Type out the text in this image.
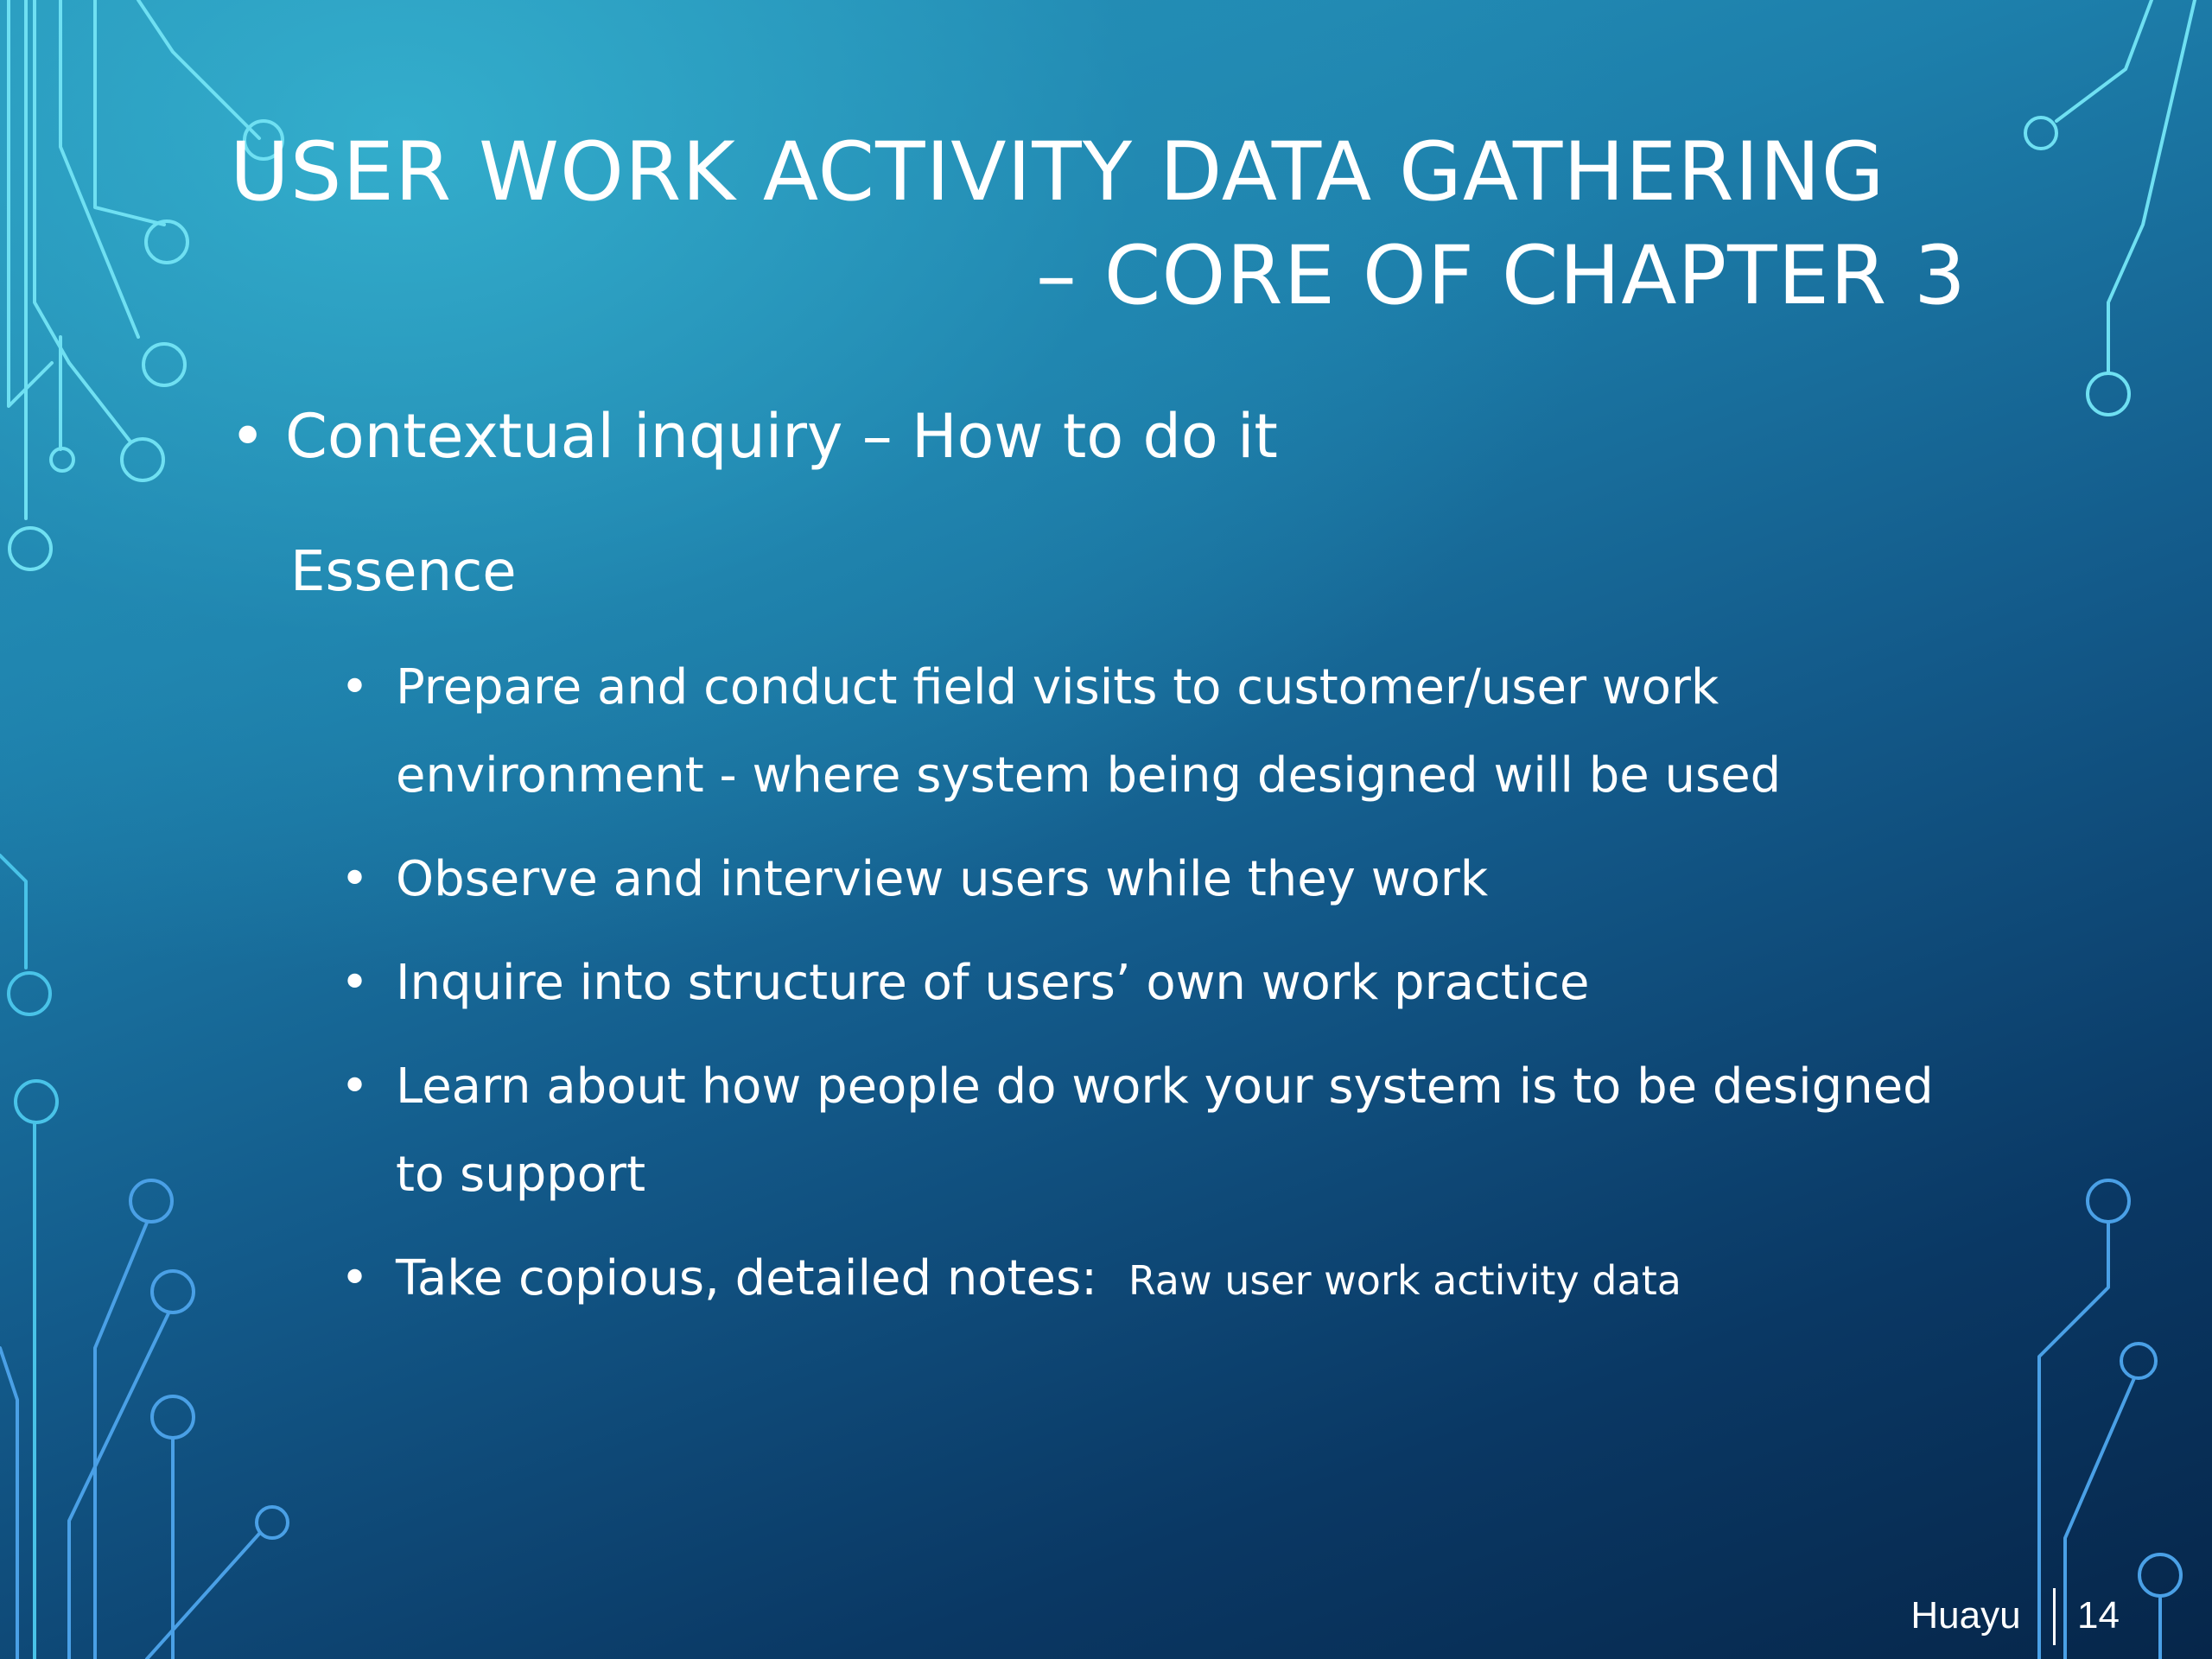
USER WORK ACTIVITY DATA GATHERING
– CORE OF CHAPTER 3
• Contextual inquiry – How to do it
Essence
• Prepare and conduct field visits to customer/user work environment - where system being designed will be used
• Observe and interview users while they work
• Inquire into structure of users’ own work practice
• Learn about how people do work your system is to be designed to support
• Take copious, detailed notes: Raw user work activity data
Huayu 14
